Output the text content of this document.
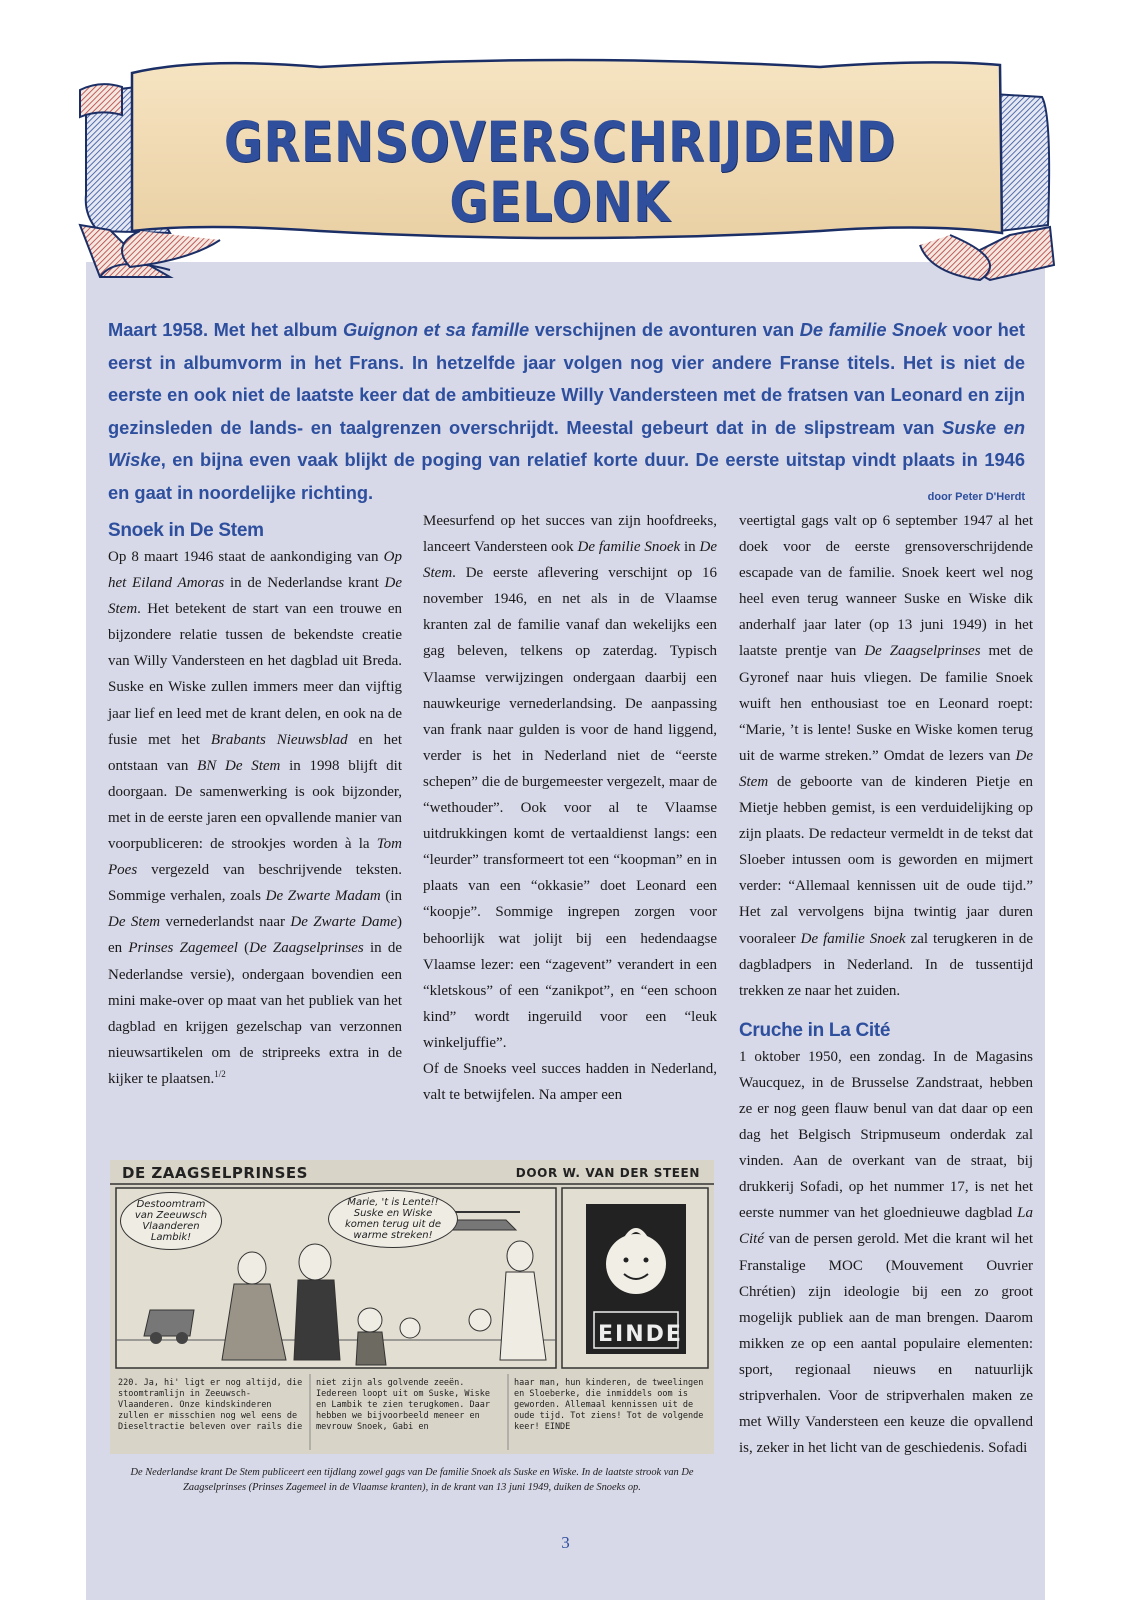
GRENSOVERSCHRIJDEND GELONK
Maart 1958. Met het album Guignon et sa famille verschijnen de avonturen van De familie Snoek voor het eerst in albumvorm in het Frans. In hetzelfde jaar volgen nog vier andere Franse titels. Het is niet de eerste en ook niet de laatste keer dat de ambitieuze Willy Vandersteen met de fratsen van Leonard en zijn gezinsleden de lands- en taalgrenzen overschrijdt. Meestal gebeurt dat in de slipstream van Suske en Wiske, en bijna even vaak blijkt de poging van relatief korte duur. De eerste uitstap vindt plaats in 1946 en gaat in noordelijke richting.	door Peter D'Herdt
Snoek in De Stem

Op 8 maart 1946 staat de aankondiging van Op het Eiland Amoras in de Nederlandse krant De Stem. Het betekent de start van een trouwe en bijzondere relatie tussen de bekendste creatie van Willy Vandersteen en het dagblad uit Breda. Suske en Wiske zullen immers meer dan vijftig jaar lief en leed met de krant delen, en ook na de fusie met het Brabants Nieuwsblad en het ontstaan van BN De Stem in 1998 blijft dit doorgaan. De samenwerking is ook bijzonder, met in de eerste jaren een opvallende manier van voorpubliceren: de strookjes worden à la Tom Poes vergezeld van beschrijvende teksten. Sommige verhalen, zoals De Zwarte Madam (in De Stem vernederlandst naar De Zwarte Dame) en Prinses Zagemeel (De Zaagselprinses in de Nederlandse versie), ondergaan bovendien een mini make-over op maat van het publiek van het dagblad en krijgen gezelschap van verzonnen nieuwsartikelen om de stripreeks extra in de kijker te plaatsen.$^{1/2}$

Meesurfend op het succes van zijn hoofdreeks, lanceert Vandersteen ook De familie Snoek in De Stem. De eerste aflevering verschijnt op 16 november 1946, en net als in de Vlaamse kranten zal de familie vanaf dan wekelijks een gag beleven, telkens op zaterdag. Typisch Vlaamse verwijzingen ondergaan daarbij een nauwkeurige vernederlandsing. De aanpassing van frank naar gulden is voor de hand liggend, verder is het in Nederland niet de “eerste schepen” die de burgemeester vergezelt, maar de “wethouder”. Ook voor al te Vlaamse uitdrukkingen komt de vertaaldienst langs: een “leurder” transformeert tot een “koopman” en in plaats van een “okkasie” doet Leonard een “koopje”. Sommige ingrepen zorgen voor behoorlijk wat jolijt bij een hedendaagse Vlaamse lezer: een “zagevent” verandert in een “kletskous” of een “zanikpot”, en “een schoon kind” wordt ingeruild voor een “leuk winkeljuffie”.

Of de Snoeks veel succes hadden in Nederland, valt te betwijfelen. Na amper een

veertigtal gags valt op 6 september 1947 al het doek voor de eerste grensoverschrijdende escapade van de familie. Snoek keert wel nog heel even terug wanneer Suske en Wiske dik anderhalf jaar later (op 13 juni 1949) in het laatste prentje van De Zaagselprinses met de Gyronef naar huis vliegen. De familie Snoek wuift hen enthousiast toe en Leonard roept: “Marie, ’t is lente! Suske en Wiske komen terug uit de warme streken.” Omdat de lezers van De Stem de geboorte van de kinderen Pietje en Mietje hebben gemist, is een verduidelijking op zijn plaats. De redacteur vermeldt in de tekst dat Sloeber intussen oom is geworden en mijmert verder: “Allemaal kennissen uit de oude tijd.” Het zal vervolgens bijna twintig jaar duren vooraleer De familie Snoek zal terugkeren in de dagbladpers in Nederland. In de tussentijd trekken ze naar het zuiden.

Cruche in La Cité

1 oktober 1950, een zondag. In de Magasins Waucquez, in de Brusselse Zandstraat, hebben ze er nog geen flauw benul van dat daar op een dag het Belgisch Stripmuseum onderdak zal vinden. Aan de overkant van de straat, bij drukkerij Sofadi, op het nummer 17, is net het eerste nummer van het gloednieuwe dagblad La Cité van de persen gerold. Met die krant wil het Franstalige MOC (Mouvement Ouvrier Chrétien) zijn ideologie bij een zo groot mogelijk publiek aan de man brengen. Daarom mikken ze op een aantal populaire elementen: sport, regionaal nieuws en natuurlijk stripverhalen. Voor de stripverhalen maken ze met Willy Vandersteen een keuze die opvallend is, zeker in het licht van de geschiedenis. Sofadi

DE ZAAGSELPRINSES	DOOR W. VAN DER STEEN
Destoomtram van Zeeuwsch Vlaanderen Lambik!
Marie, 't is Lente!! Suske en Wiske komen terug uit de warme streken!
EINDE
220. Ja, hi' ligt er nog altijd, die stoomtramlijn in Zeeuwsch-Vlaanderen. Onze kindskinderen zullen er misschien nog wel eens de Dieseltractie beleven over rails die
niet zijn als golvende zeeën. Iedereen loopt uit om Suske, Wiske en Lambik te zien terugkomen. Daar hebben we bijvoorbeeld meneer en mevrouw Snoek, Gabi en
haar man, hun kinderen, de tweelingen en Sloeberke, die inmiddels oom is geworden. Allemaal kennissen uit de oude tijd. Tot ziens! Tot de volgende keer! EINDE
De Nederlandse krant De Stem publiceert een tijdlang zowel gags van De familie Snoek als Suske en Wiske. In de laatste strook van De Zaagselprinses (Prinses Zagemeel in de Vlaamse kranten), in de krant van 13 juni 1949, duiken de Snoeks op.
3
